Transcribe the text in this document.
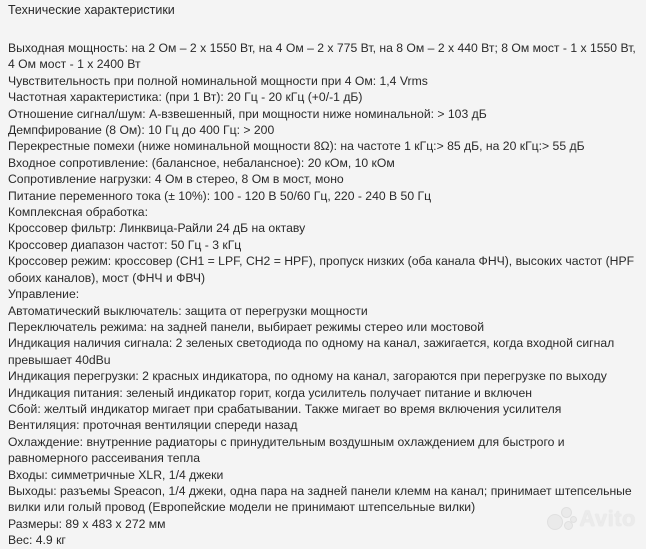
Технические характеристики
Выходная мощность: на 2 Ом – 2 x 1550 Вт, на 4 Ом – 2 x 775 Вт, на 8 Ом – 2 x 440 Вт; 8 Ом мост - 1 x 1550 Вт, 4 Ом мост - 1 x 2400 Вт
Чувствительность при полной номинальной мощности при 4 Ом: 1,4 Vrms
Частотная характеристика: (при 1 Вт): 20 Гц - 20 кГц (+0/-1 дБ)
Отношение сигнал/шум: А-взвешенный, при мощности ниже номинальной: > 103 дБ
Демпфирование (8 Ом): 10 Гц до 400 Гц: > 200
Перекрестные помехи (ниже номинальной мощности 8Ω): на частоте 1 кГц:> 85 дБ, на 20 кГц:> 55 дБ
Входное сопротивление: (балансное, небалансное): 20 кОм, 10 кОм
Сопротивление нагрузки: 4 Ом в стерео, 8 Ом в мост, моно
Питание переменного тока (± 10%): 100 - 120 В 50/60 Гц, 220 - 240 В 50 Гц
Комплексная обработка:
Кроссовер фильтр: Линквица-Райли 24 дБ на октаву
Кроссовер диапазон частот: 50 Гц - 3 кГц
Кроссовер режим: кроссовер (CH1 = LPF, CH2 = HPF), пропуск низких (оба канала ФНЧ), высоких частот (HPF обоих каналов), мост (ФНЧ и ФВЧ)
Управление:
Автоматический выключатель: защита от перегрузки мощности
Переключатель режима: на задней панели, выбирает режимы стерео или мостовой
Индикация наличия сигнала: 2 зеленых светодиода по одному на канал, зажигается, когда входной сигнал превышает 40dBu
Индикация перегрузки: 2 красных индикатора, по одному на канал, загораются при перегрузке по выходу
Индикация питания: зеленый индикатор горит, когда усилитель получает питание и включен
Сбой: желтый индикатор мигает при срабатывании. Также мигает во время включения усилителя
Вентиляция: проточная вентиляции спереди назад
Охлаждение: внутренние радиаторы с принудительным воздушным охлаждением для быстрого и равномерного рассеивания тепла
Входы: симметричные XLR, 1/4 джеки
Выходы: разъемы Speacon, 1/4 джеки, одна пара на задней панели клемм на канал; принимает штепсельные вилки или голый провод (Европейские модели не принимают штепсельные вилки)
Размеры: 89 x 483 x 272 мм
Вес: 4.9 кг
Avito
